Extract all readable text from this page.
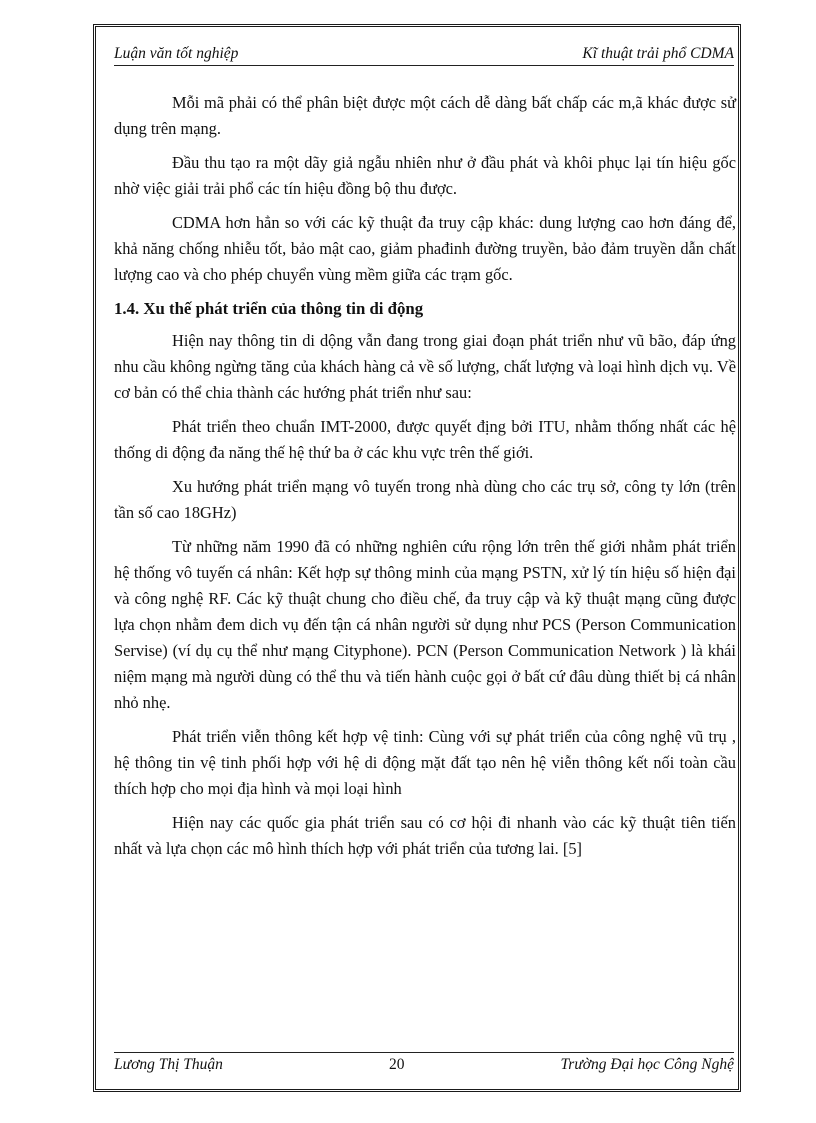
Luận văn tốt nghiệp	Kĩ thuật trải phổ CDMA

Mỗi mã phải có thể phân biệt được một cách dễ dàng bất chấp các m,ã khác được sử dụng trên mạng.

Đầu thu tạo ra một dãy giả ngẫu nhiên như ở đầu phát và khôi phục lại tín hiệu gốc nhờ việc giải trải phổ các tín hiệu đồng bộ thu được.

CDMA hơn hẳn so với các kỹ thuật đa truy cập khác: dung lượng cao hơn đáng để, khả năng chống nhiễu tốt, bảo mật cao, giảm phađinh đường truyền, bảo đảm truyền dẫn chất lượng cao và cho phép chuyển vùng mềm giữa các trạm gốc.

1.4. Xu thế phát triển của thông tin di động

Hiện nay thông tin di dộng vẫn đang trong giai đoạn phát triển như vũ bão, đáp ứng nhu cầu không ngừng tăng của khách hàng cả về số lượng, chất lượng và loại hình dịch vụ. Về cơ bản có thể chia thành các hướng phát triển như sau:

Phát triển theo chuẩn IMT-2000, được quyết địng bởi ITU, nhằm thống nhất các hệ thống di động đa năng thế hệ thứ ba ở các khu vực trên thế giới.

Xu hướng phát triển mạng vô tuyến trong nhà dùng cho các trụ sở, công ty lớn (trên tần số cao 18GHz)

Từ những năm 1990 đã có những nghiên cứu rộng lớn trên thế giới nhằm phát triển hệ thống vô tuyến cá nhân: Kết hợp sự thông minh của mạng PSTN, xử lý tín hiệu số hiện đại và công nghệ RF. Các kỹ thuật chung cho điều chế, đa truy cập và kỹ thuật mạng cũng được lựa chọn nhằm đem dich vụ đến tận cá nhân người sử dụng như PCS (Person Communication Servise) (ví dụ cụ thể như mạng Cityphone). PCN (Person Communication Network ) là khái niệm mạng mà người dùng có thể thu và tiến hành cuộc gọi ở bất cứ đâu dùng thiết bị cá nhân nhỏ nhẹ.

Phát triển viễn thông kết hợp vệ tinh: Cùng với sự phát triển của công nghệ vũ trụ , hệ thông tin vệ tinh phối hợp với hệ di động mặt đất tạo nên hệ viễn thông kết nối toàn cầu thích hợp cho mọi địa hình và mọi loại hình

Hiện nay các quốc gia phát triển sau có cơ hội đi nhanh vào các kỹ thuật tiên tiến nhất và lựa chọn các mô hình thích hợp với phát triển của tương lai. [5]

Lương Thị Thuận	20	Trường Đại học Công Nghệ
